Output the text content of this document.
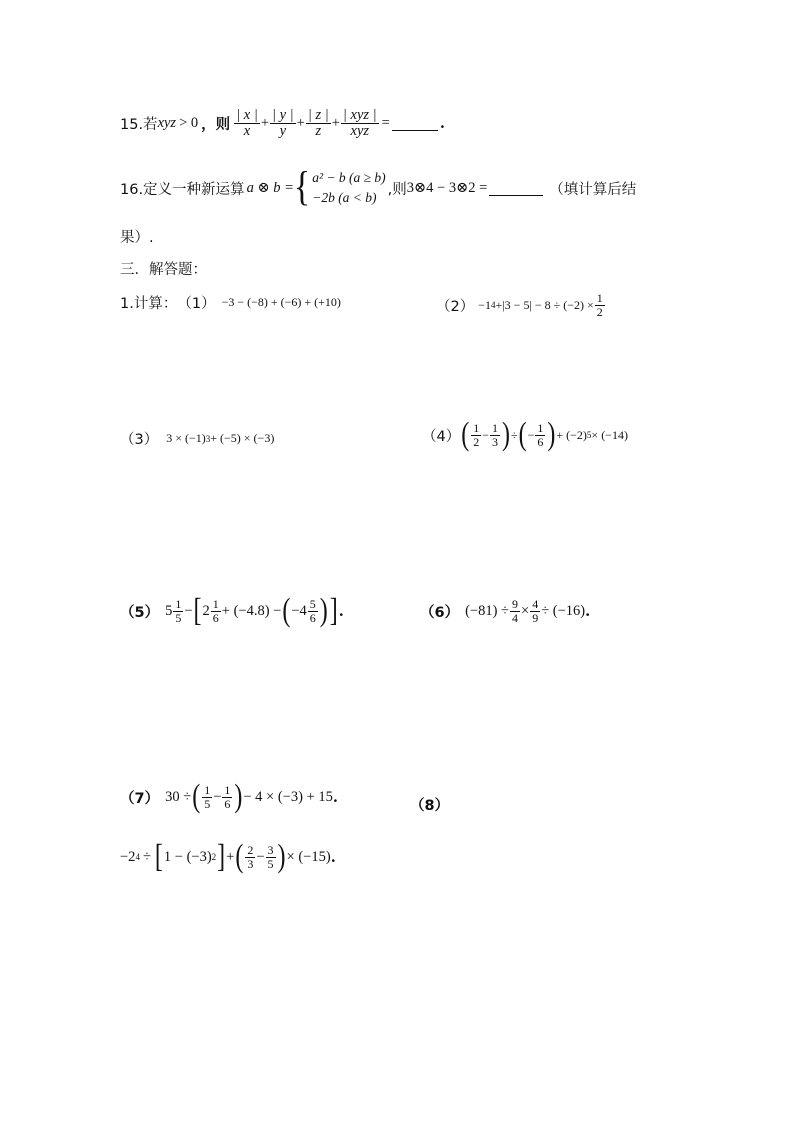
15.若 xyz > 0 ，则 $\frac{| x |}{x} + \frac{| y |}{y} + \frac{| z |}{z} + \frac{\text{| xyz |}}{\text{xyz}}$ =	.
16.定义一种新运算 a ⊗ b = { a² − b (a ≥ b)
−2b (a < b) ,则 3⊗4 − 3⊗2 =	（填计算后结
果）.
三．解答题：
1.计算： （1） −3 − (−8) + (−6) + (+10)	（2） −1 $4 +|3 - 5| - 8 \div (-2) \times \frac{1}{2}$
（3） 3 × (−1) 3 + (−5) × (−3)	（4） ( $\frac{1}{2} - \frac{1}{3}$ ) ÷ ( − $\frac{1}{6}$ ) + (−2) 5 × (−14)
（5） $5 \frac{1}{5}$ − [ $2 \frac{1}{6} + (-4.8)$ − ( $-4 \frac{5}{6}$ ) ] .	（6） $(-81) \div \frac{9}{4} \times \frac{4}{9} \div (-16)$ .
（7） 30 ÷ ( $\frac{1}{5} - \frac{1}{6}$ ) − 4 × (−3) + 15 .
（8）
−2 4 ÷ [ 1 − (−3) 2 ] + ( $\frac{2}{3} - \frac{3}{5}$ ) × (−15) .
